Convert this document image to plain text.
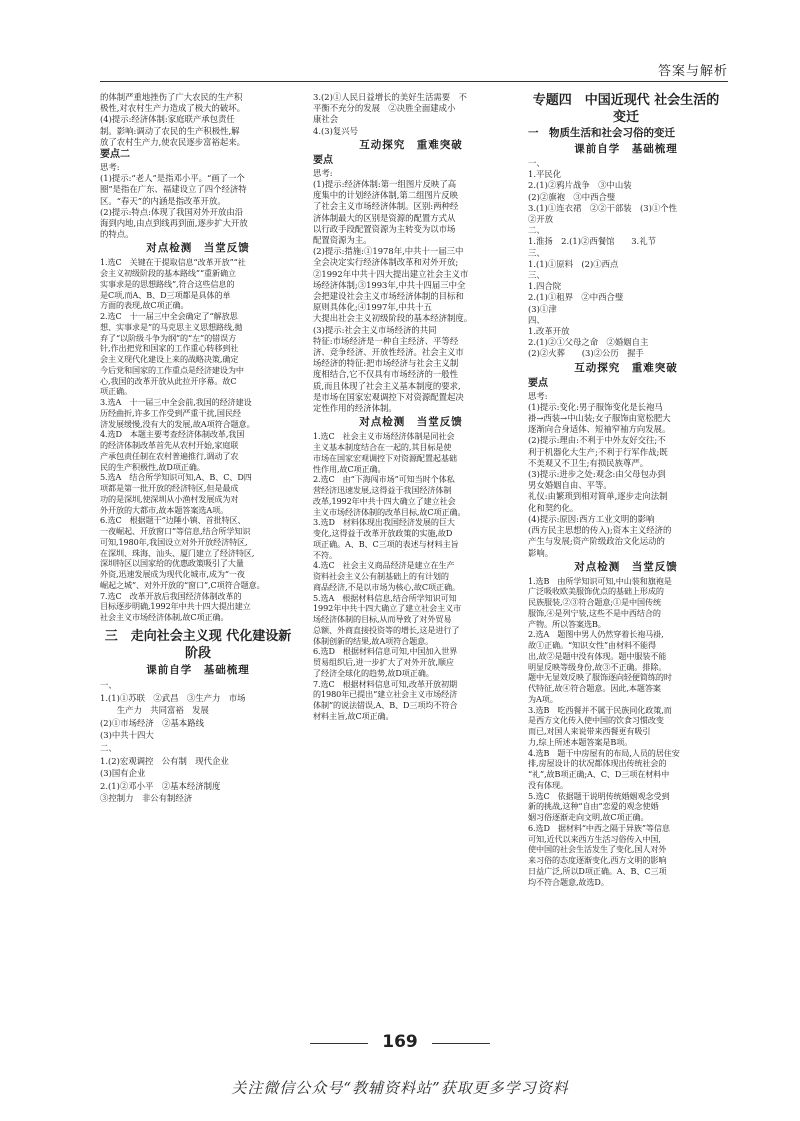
答案与解析
的体制严重地挫伤了广大农民的生产积
极性,对农村生产力造成了极大的破坏。
(4)提示:经济体制:家庭联产承包责任
制。影响:调动了农民的生产积极性,解
放了农村生产力,使农民逐步富裕起来。
要点二
思考:
(1)提示:“老人”是指邓小平。“画了一个
圈”是指在广东、福建设立了四个经济特
区。“春天”的内涵是指改革开放。
(2)提示:特点:体现了我国对外开放由沿
海到内地,由点到线再到面,逐步扩大开放
的特点。
对点检测　当堂反馈
1.选C　关键在于提取信息“改革开放”“社
会主义初级阶段的基本路线”“重新确立
实事求是的思想路线”,符合这些信息的
是C项,而A、B、D三项都是具体的单
方面的表现,故C项正确。
2.选C　十一届三中全会确定了“解放思
想、实事求是”的马克思主义思想路线,拋
弃了“以阶级斗争为纲”的“左”的错误方
针,作出把党和国家的工作重心转移到社
会主义现代化建设上来的战略决策,确定
今后党和国家的工作重点是经济建设为中
心,我国的改革开放从此拉开序幕。故C
项正确。
3.选A　十一届三中全会前,我国的经济建设
历经曲折,许多工作受到严重干扰,国民经
济发展缓慢,没有大的发展,故A项符合题意。
4.选D　本题主要考查经济体制改革,我国
的经济体制改革首先从农村开始,家庭联
产承包责任制在农村普遍推行,调动了农
民的生产积极性,故D项正确。
5.选A　结合所学知识可知,A、B、C、D四
项都是第一批开放的经济特区,但是最成
功的是深圳,使深圳从小渔村发展成为对
外开放的大都市,故本题答案选A项。
6.选C　根据题干“边陲小镇、首批特区、
一夜崛起、开放窗口”等信息,结合所学知识
可知,1980年,我国设立对外开放经济特区,
在深圳、珠海、汕头、厦门建立了经济特区,
深圳特区以国家给的优惠政策吸引了大量
外资,迅速发展成为现代化城市,成为“一夜
崛起之城”、对外开放的“窗口”,C项符合题意。
7.选C　改革开放后我国经济体制改革的
目标逐步明确,1992年中共十四大提出建立
社会主义市场经济体制,故C项正确。
三　走向社会主义现 代化建设新阶段
课前自学　基础梳理
一、
1.(1)①苏联　②武昌　③生产力　市场
　　生产力　共同富裕　发展
(2)①市场经济　②基本路线
(3)中共十四大
二、
1.(2)宏观调控　公有制　现代企业
(3)国有企业
2.(1)②邓小平　②基本经济制度
③控制力　非公有制经济
3.(2)①人民日益增长的美好生活需要　不
平衡不充分的发展　②决胜全面建成小
康社会
4.(3)复兴号
互动探究　重难突破
要点
思考:
(1)提示:经济体制:第一组图片反映了高
度集中的计划经济体制,第二组图片反映
了社会主义市场经济体制。区别:两种经
济体制最大的区别是资源的配置方式从
以行政手段配置资源为主转变为以市场
配置资源为主。
(2)提示:措施:①1978年,中共十一届三中
全会决定实行经济体制改革和对外开放;
②1992年中共十四大提出建立社会主义市
场经济体制;③1993年,中共十四届三中全
会把建设社会主义市场经济体制的目标和
原则具体化;④1997年,中共十五
大提出社会主义初级阶段的基本经济制度。
(3)提示:社会主义市场经济的共同
特征:市场经济是一种自主经济、平等经
济、竞争经济、开放性经济。社会主义市
场经济的特征:把市场经济与社会主义制
度相结合,它不仅具有市场经济的一般性
质,而且体现了社会主义基本制度的要求,
是市场在国家宏观调控下对资源配置起决
定性作用的经济体制。
对点检测　当堂反馈
1.选C　社会主义市场经济体制是同社会
主义基本制度结合在一起的,其目标是使
市场在国家宏观调控下对资源配置起基础
性作用,故C项正确。
2.选C　由“下海闯市场”可知当时个体私
营经济迅速发展,这得益于我国经济体制
改革,1992年中共十四大确立了建立社会
主义市场经济体制的改革目标,故C项正确。
3.选D　材料体现出我国经济发展的巨大
变化,这得益于改革开放政策的实施,故D
项正确。A、B、C三项的表述与材料主旨
不符。
4.选C　社会主义商品经济是建立在生产
资料社会主义公有制基础上的有计划的
商品经济,不是以市场为核心,故C项正确。
5.选A　根据材料信息,结合所学知识可知
1992年中共十四大确立了建立社会主义市
场经济体制的目标,从而导致了对外贸易
总额、外商直接投资等的增长,这是进行了
体制创新的结果,故A项符合题意。
6.选D　根据材料信息可知,中国加入世界
贸易组织后,进一步扩大了对外开放,顺应
了经济全球化的趋势,故D项正确。
7.选C　根据材料信息可知,改革开放初期
的1980年已提出“建立社会主义市场经济
体制”的说法错误,A、B、D三项均不符合
材料主旨,故C项正确。
专题四　中国近现代 社会生活的变迁
一　物质生活和社会习俗的变迁
课前自学　基础梳理
一、
1.平民化
2.(1)②鸦片战争　③中山装
(2)②旗袍　③中西合璧
3.(1)①连衣裙　②②干部装　(3)①个性
②开放
二、
1.淮扬　2.(1)②西餐馆　　3.礼节
三、
1.(1)①原料　(2)①西点
三、
1.四合院
2.(1)①租界　②中西合璧
(3)①津
四、
1.改革开放
2.(1)②①父母之命　②婚姻自主
(2)②火葬　　(3)②公历　握手
互动探究　重难突破
要点
思考:
(1)提示:变化:男子服饰变化是长袍马
褂→西装→中山装;女子服饰由宽松肥大
逐渐向合身适体、短袖窄袖方向发展。
(2)提示:理由:不利于中外友好交往;不
利于机器化大生产;不利于行军作战;既
不美观又不卫生;有损民族尊严。
(3)提示:进步之处:观念:由父母包办到
男女婚姻自由、平等。
礼仪:由繁琐到相对简单,逐步走向法制
化和契约化。
(4)提示:原因:西方工业文明的影响
(西方民主思想的传入);资本主义经济的
产生与发展;资产阶级政治文化运动的
影响。
对点检测　当堂反馈
1.选B　由所学知识可知,中山装和旗袍是
广泛吸收欧美服饰优点的基础上形成的
民族服装,②③符合题意;①是中国传统
服饰,④是列宁装,这些不是中西结合的
产物。所以答案选B。
2.选A　题图中男人仍然穿着长袍马褂,
故①正确。“知识女性”由材料不能得
出,故②是题中没有体现。题中服装不能
明显反映等级身份,故③不正确。排除。
题中无显效反映了服饰逐向轻便简练的时
代特征,故④符合题意。因此,本题答案
为A项。
3.选B　吃西餐并不属于民族同化政策,而
是西方文化传入使中国的饮食习惯改变
而已,对国人来说带来西餐更有吸引
力,综上所述本题答案是B项。
4.选B　题干中房屋有的布局,人员的居住安
排,房屋设计的状况都体现出传统社会的
“礼”,故B项正确;A、C、D三项在材料中
没有体现。
5.选C　依据题干说明传统婚姻观念受到
新的挑战,这种“自由”恋爱的观念使婚
姻习俗逐渐走向文明,故C项正确。
6.选D　据材料“中西之隔于异族”等信息
可知,近代以来西方生活习俗传入中国,
使中国的社会生活发生了变化,国人对外
来习俗的态度逐渐变化,西方文明的影响
日益广泛,所以D项正确。A、B、C三项
均不符合题意,故选D。
169
关注微信公众号“教辅资料站”获取更多学习资料
